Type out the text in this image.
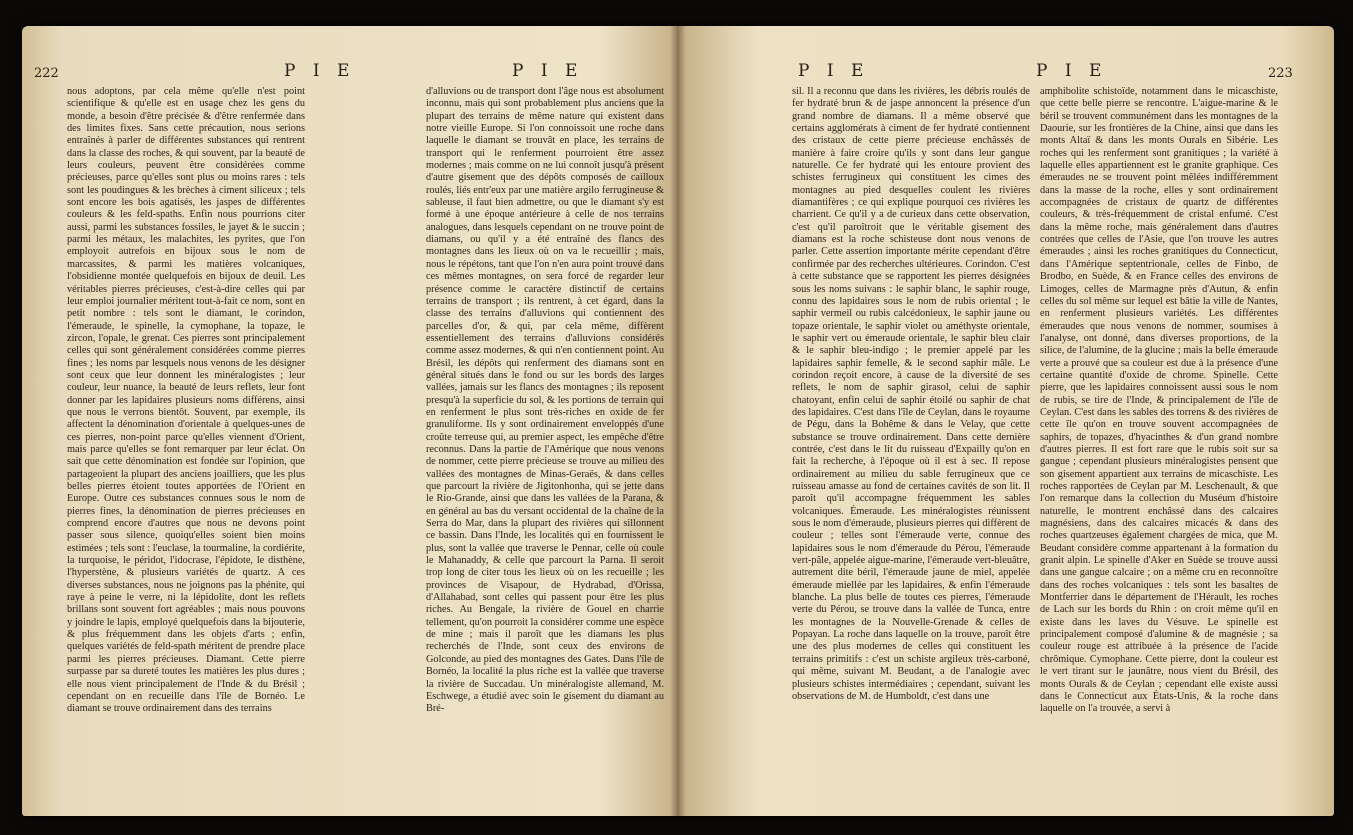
222	P I E	P I E
nous adoptons, par cela même qu'elle n'est point scientifique & qu'elle est en usage chez les gens du monde, a besoin d'être précisée & d'être renfermée dans des limites fixes. Sans cette précaution, nous serions entraînés à parler de différentes substances qui rentrent dans la classe des roches, & qui souvent, par la beauté de leurs couleurs, peuvent être considérées comme précieuses, parce qu'elles sont plus ou moins rares : tels sont les poudingues & les brèches à ciment siliceux ; tels sont encore les bois agatisés, les jaspes de différentes couleurs & les feld-spaths. Enfin nous pourrions citer aussi, parmi les substances fossiles, le jayet & le succin ; parmi les métaux, les malachites, les pyrites, que l'on employoit autrefois en bijoux sous le nom de marcassites, & parmi les matières volcaniques, l'obsidienne montée quelquefois en bijoux de deuil. Les véritables pierres précieuses, c'est-à-dire celles qui par leur emploi journalier méritent tout-à-fait ce nom, sont en petit nombre : tels sont le diamant, le corindon, l'émeraude, le spinelle, la cymophane, la topaze, le zircon, l'opale, le grenat. Ces pierres sont principalement celles qui sont généralement considérées comme pierres fines ; les noms par lesquels nous venons de les désigner sont ceux que leur donnent les minéralogistes ; leur couleur, leur nuance, la beauté de leurs reflets, leur font donner par les lapidaires plusieurs noms différens, ainsi que nous le verrons bientôt. Souvent, par exemple, ils affectent la dénomination d'orientale à quelques-unes de ces pierres, non-point parce qu'elles viennent d'Orient, mais parce qu'elles se font remarquer par leur éclat. On sait que cette dénomination est fondée sur l'opinion, que partageoient la plupart des anciens joailliers, que les plus belles pierres étoient toutes apportées de l'Orient en Europe. Outre ces substances connues sous le nom de pierres fines, la dénomination de pierres précieuses en comprend encore d'autres que nous ne devons point passer sous silence, quoiqu'elles soient bien moins estimées ; tels sont : l'euclase, la tourmaline, la cordiérite, la turquoise, le péridot, l'idocrase, l'épidote, le disthène, l'hyperstène, & plusieurs variétés de quartz. A ces diverses substances, nous ne joignons pas la phénite, qui raye à peine le verre, ni la lépidolite, dont les reflets brillans sont souvent fort agréables ; mais nous pouvons y joindre le lapis, employé quelquefois dans la bijouterie, & plus fréquemment dans les objets d'arts ; enfin, quelques variétés de feld-spath méritent de prendre place parmi les pierres précieuses. Diamant. Cette pierre surpasse par sa dureté toutes les matières les plus dures ; elle nous vient principalement de l'Inde & du Brésil ; cependant on en recueille dans l'île de Bornéo. Le diamant se trouve ordinairement dans des terrains
d'alluvions ou de transport dont l'âge nous est absolument inconnu, mais qui sont probablement plus anciens que la plupart des terrains de même nature qui existent dans notre vieille Europe. Si l'on connoissoit une roche dans laquelle le diamant se trouvât en place, les terrains de transport qui le renferment pourroient être assez modernes ; mais comme on ne lui connoît jusqu'à présent d'autre gisement que des dépôts composés de cailloux roulés, liés entr'eux par une matière argilo ferrugineuse & sableuse, il faut bien admettre, ou que le diamant s'y est formé à une époque antérieure à celle de nos terrains analogues, dans lesquels cependant on ne trouve point de diamans, ou qu'il y a été entraîné des flancs des montagnes dans les lieux où on va le recueillir ; mais, nous le répétons, tant que l'on n'en aura point trouvé dans ces mêmes montagnes, on sera forcé de regarder leur présence comme le caractère distinctif de certains terrains de transport ; ils rentrent, à cet égard, dans la classe des terrains d'alluvions qui contiennent des parcelles d'or, & qui, par cela même, diffèrent essentiellement des terrains d'alluvions considérés comme assez modernes, & qui n'en contiennent point. Au Brésil, les dépôts qui renferment des diamans sont en général situés dans le fond ou sur les bords des larges vallées, jamais sur les flancs des montagnes ; ils reposent presqu'à la superficie du sol, & les portions de terrain qui en renferment le plus sont très-riches en oxide de fer granuliforme. Ils y sont ordinairement enveloppés d'une croûte terreuse qui, au premier aspect, les empêche d'être reconnus. Dans la partie de l'Amérique que nous venons de nommer, cette pierre précieuse se trouve au milieu des vallées des montagnes de Minas-Geraës, & dans celles que parcourt la rivière de Jigitonhonha, qui se jette dans le Rio-Grande, ainsi que dans les vallées de la Parana, & en général au bas du versant occidental de la chaîne de la Serra do Mar, dans la plupart des rivières qui sillonnent ce bassin. Dans l'Inde, les localités qui en fournissent le plus, sont la vallée que traverse le Pennar, celle où coule le Mahanaddy, & celle que parcourt la Parna. Il seroit trop long de citer tous les lieux où on les recueille ; les provinces de Visapour, de Hydrabad, d'Orissa, d'Allahabad, sont celles qui passent pour être les plus riches. Au Bengale, la rivière de Gouel en charrie tellement, qu'on pourroit la considérer comme une espèce de mine ; mais il paroît que les diamans les plus recherchés de l'Inde, sont ceux des environs de Golconde, au pied des montagnes des Gates. Dans l'île de Bornéo, la localité la plus riche est la vallée que traverse la rivière de Succadau. Un minéralogiste allemand, M. Eschwege, a étudié avec soin le gisement du diamant au Bré-
P I E	P I E	223
sil. Il a reconnu que dans les rivières, les débris roulés de fer hydraté brun & de jaspe annoncent la présence d'un grand nombre de diamans. Il a même observé que certains agglomérats à ciment de fer hydraté contiennent des cristaux de cette pierre précieuse enchâssés de manière à faire croire qu'ils y sont dans leur gangue naturelle. Ce fer hydraté qui les entoure provient des schistes ferrugineux qui constituent les cimes des montagnes au pied desquelles coulent les rivières diamantifères ; ce qui explique pourquoi ces rivières les charrient. Ce qu'il y a de curieux dans cette observation, c'est qu'il paroîtroit que le véritable gisement des diamans est la roche schisteuse dont nous venons de parler. Cette assertion importante mérite cependant d'être confirmée par des recherches ultérieures. Corindon. C'est à cette substance que se rapportent les pierres désignées sous les noms suivans : le saphir blanc, le saphir rouge, connu des lapidaires sous le nom de rubis oriental ; le saphir vermeil ou rubis calcédonieux, le saphir jaune ou topaze orientale, le saphir violet ou améthyste orientale, le saphir vert ou émeraude orientale, le saphir bleu clair & le saphir bleu-indigo ; le premier appelé par les lapidaires saphir femelle, & le second saphir mâle. Le corindon reçoit encore, à cause de la diversité de ses reflets, le nom de saphir girasol, celui de saphir chatoyant, enfin celui de saphir étoilé ou saphir de chat des lapidaires. C'est dans l'île de Ceylan, dans le royaume de Pégu, dans la Bohême & dans le Velay, que cette substance se trouve ordinairement. Dans cette dernière contrée, c'est dans le lit du ruisseau d'Expailly qu'on en fait la recherche, à l'époque où il est à sec. Il repose ordinairement au milieu du sable ferrugineux que ce ruisseau amasse au fond de certaines cavités de son lit. Il paroît qu'il accompagne fréquemment les sables volcaniques. Émeraude. Les minéralogistes réunissent sous le nom d'émeraude, plusieurs pierres qui diffèrent de couleur ; telles sont l'émeraude verte, connue des lapidaires sous le nom d'émeraude du Pérou, l'émeraude vert-pâle, appelée aigue-marine, l'émeraude vert-bleuâtre, autrement dite béril, l'émeraude jaune de miel, appelée émeraude miellée par les lapidaires, & enfin l'émeraude blanche. La plus belle de toutes ces pierres, l'émeraude verte du Pérou, se trouve dans la vallée de Tunca, entre les montagnes de la Nouvelle-Grenade & celles de Popayan. La roche dans laquelle on la trouve, paroît être une des plus modernes de celles qui constituent les terrains primitifs : c'est un schiste argileux très-carboné, qui même, suivant M. Beudant, a de l'analogie avec plusieurs schistes intermédiaires ; cependant, suivant les observations de M. de Humboldt, c'est dans une
amphibolite schistoïde, notamment dans le micaschiste, que cette belle pierre se rencontre. L'aigue-marine & le béril se trouvent communément dans les montagnes de la Daourie, sur les frontières de la Chine, ainsi que dans les monts Altaï & dans les monts Ourals en Sibérie. Les roches qui les renferment sont granitiques ; la variété à laquelle elles appartiennent est le granite graphique. Ces émeraudes ne se trouvent point mêlées indifféremment dans la masse de la roche, elles y sont ordinairement accompagnées de cristaux de quartz de différentes couleurs, & très-fréquemment de cristal enfumé. C'est dans la même roche, mais généralement dans d'autres contrées que celles de l'Asie, que l'on trouve les autres émeraudes ; ainsi les roches granitiques du Connecticut, dans l'Amérique septentrionale, celles de Finbo, de Brodbo, en Suède, & en France celles des environs de Limoges, celles de Marmagne près d'Autun, & enfin celles du sol même sur lequel est bâtie la ville de Nantes, en renferment plusieurs variétés. Les différentes émeraudes que nous venons de nommer, soumises à l'analyse, ont donné, dans diverses proportions, de la silice, de l'alumine, de la glucine ; mais la belle émeraude verte a prouvé que sa couleur est due à la présence d'une certaine quantité d'oxide de chrome. Spinelle. Cette pierre, que les lapidaires connoissent aussi sous le nom de rubis, se tire de l'Inde, & principalement de l'île de Ceylan. C'est dans les sables des torrens & des rivières de cette île qu'on en trouve souvent accompagnées de saphirs, de topazes, d'hyacinthes & d'un grand nombre d'autres pierres. Il est fort rare que le rubis soit sur sa gangue ; cependant plusieurs minéralogistes pensent que son gisement appartient aux terrains de micaschiste. Les roches rapportées de Ceylan par M. Leschenault, & que l'on remarque dans la collection du Muséum d'histoire naturelle, le montrent enchâssé dans des calcaires magnésiens, dans des calcaires micacés & dans des roches quartzeuses également chargées de mica, que M. Beudant considère comme appartenant à la formation du granit alpin. Le spinelle d'Aker en Suède se trouve aussi dans une gangue calcaire ; on a même cru en reconnoître dans des roches volcaniques : tels sont les basaltes de Montferrier dans le département de l'Hérault, les roches de Lach sur les bords du Rhin : on croit même qu'il en existe dans les laves du Vésuve. Le spinelle est principalement composé d'alumine & de magnésie ; sa couleur rouge est attribuée à la présence de l'acide chrômique. Cymophane. Cette pierre, dont la couleur est le vert tirant sur le jaunâtre, nous vient du Brésil, des monts Ourals & de Ceylan ; cependant elle existe aussi dans le Connecticut aux États-Unis, & la roche dans laquelle on l'a trouvée, a servi à
